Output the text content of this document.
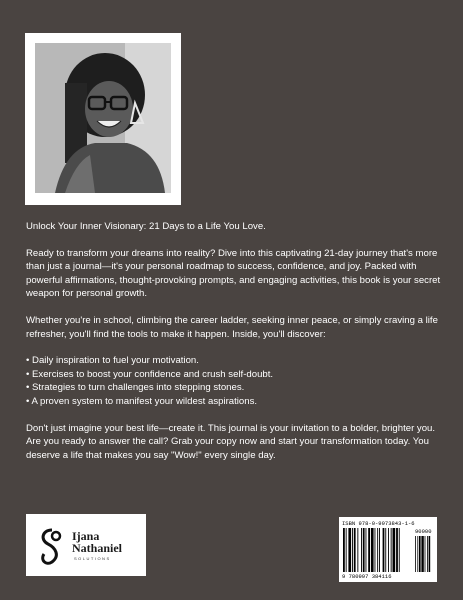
Unlock Your Inner Visionary: 21 Days to a Life You Love.

Ready to transform your dreams into reality? Dive into this captivating 21-day journey that's more than just a journal—it's your personal roadmap to success, confidence, and joy. Packed with powerful affirmations, thought-provoking prompts, and engaging activities, this book is your secret weapon for personal growth.

Whether you're in school, climbing the career ladder, seeking inner peace, or simply craving a life refresher, you'll find the tools to make it happen. Inside, you'll discover:

• Daily inspiration to fuel your motivation.
• Exercises to boost your confidence and crush self-doubt.
• Strategies to turn challenges into stepping stones.
• A proven system to manifest your wildest aspirations.

Don't just imagine your best life—create it. This journal is your invitation to a bolder, brighter you. Are you ready to answer the call? Grab your copy now and start your transformation today. You deserve a life that makes you say "Wow!" every single day.

Ijana
Nathaniel
SOLUTIONS
ISBN 978-0-9973843-1-6
90000
9 780997 384116
